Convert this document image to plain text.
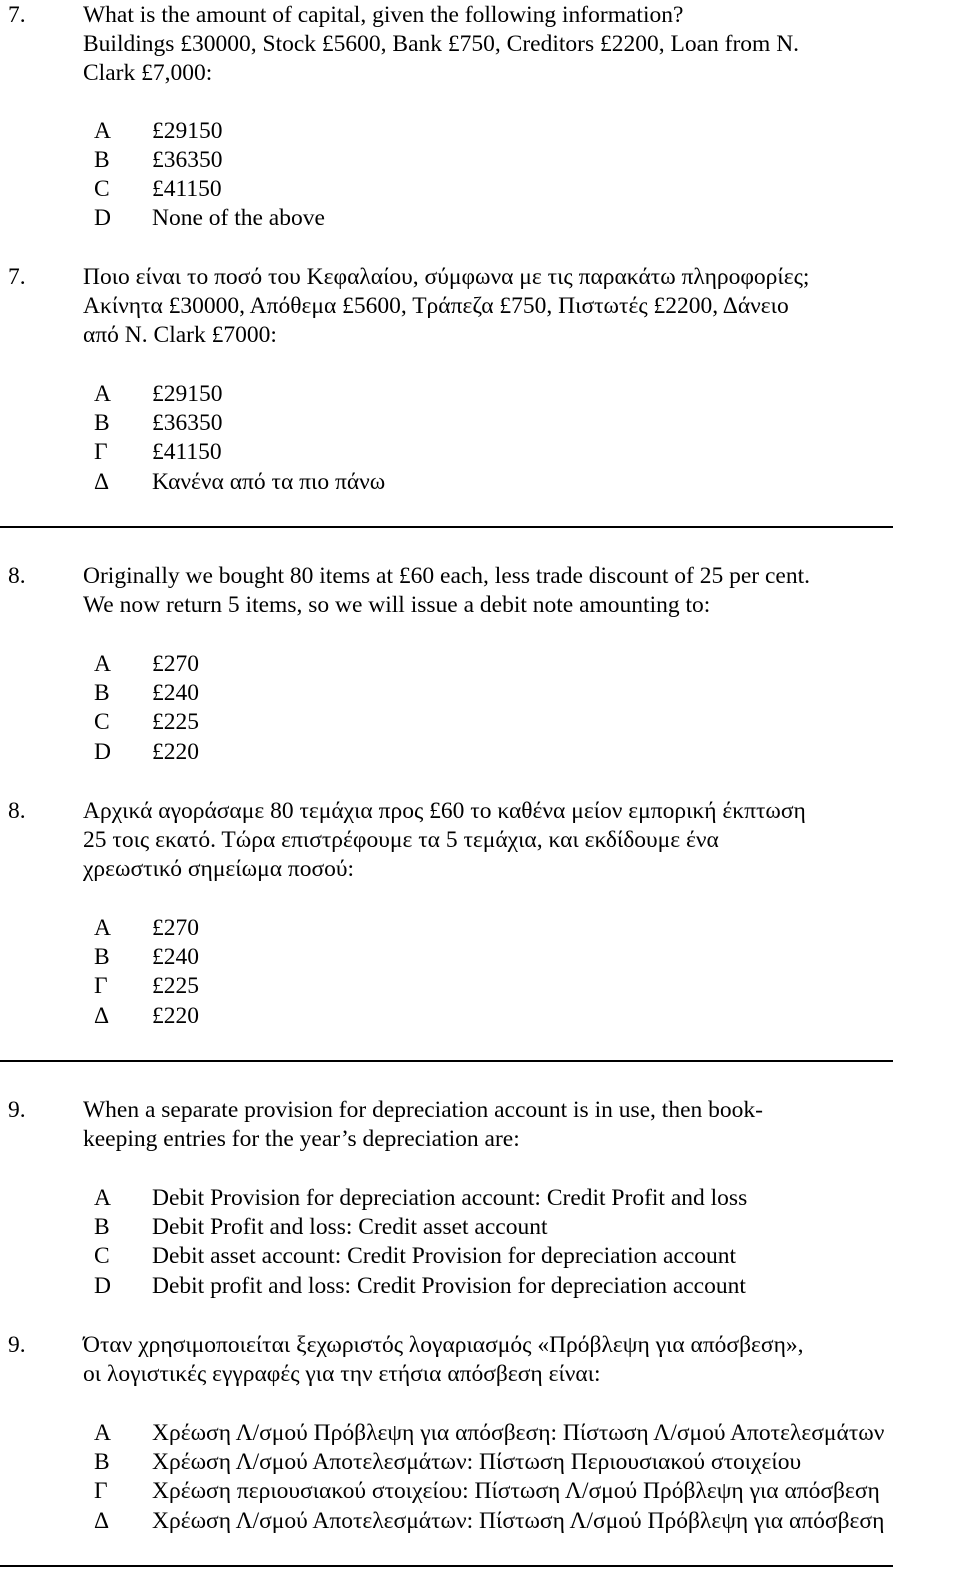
7. What is the amount of capital, given the following information?
Buildings £30000, Stock £5600, Bank £750, Creditors £2200, Loan from N.
Clark £7,000:
A £29150
B £36350
C £41150
D None of the above
7. Ποιο είναι το ποσό του Κεφαλαίου, σύμφωνα με τις παρακάτω πληροφορίες;
Ακίνητα £30000, Απόθεμα £5600, Τράπεζα £750, Πιστωτές £2200, Δάνειο
από N. Clark £7000:
Α £29150
Β £36350
Γ £41150
Δ Κανένα από τα πιο πάνω
8. Originally we bought 80 items at £60 each, less trade discount of 25 per cent.
We now return 5 items, so we will issue a debit note amounting to:
A £270
B £240
C £225
D £220
8. Αρχικά αγοράσαμε 80 τεμάχια προς £60 το καθένα μείον εμπορική έκπτωση
25 τοις εκατό. Τώρα επιστρέφουμε τα 5 τεμάχια, και εκδίδουμε ένα
χρεωστικό σημείωμα ποσού:
Α £270
Β £240
Γ £225
Δ £220
9. When a separate provision for depreciation account is in use, then book-
keeping entries for the year’s depreciation are:
A Debit Provision for depreciation account: Credit Profit and loss
B Debit Profit and loss: Credit asset account
C Debit asset account: Credit Provision for depreciation account
D Debit profit and loss: Credit Provision for depreciation account
9. Όταν χρησιμοποιείται ξεχωριστός λογαριασμός «Πρόβλεψη για απόσβεση»,
οι λογιστικές εγγραφές για την ετήσια απόσβεση είναι:
Α Χρέωση Λ/σμού Πρόβλεψη για απόσβεση: Πίστωση Λ/σμού Αποτελεσμάτων
Β Χρέωση Λ/σμού Αποτελεσμάτων: Πίστωση Περιουσιακού στοιχείου
Γ Χρέωση περιουσιακού στοιχείου: Πίστωση Λ/σμού Πρόβλεψη για απόσβεση
Δ Χρέωση Λ/σμού Αποτελεσμάτων: Πίστωση Λ/σμού Πρόβλεψη για απόσβεση
